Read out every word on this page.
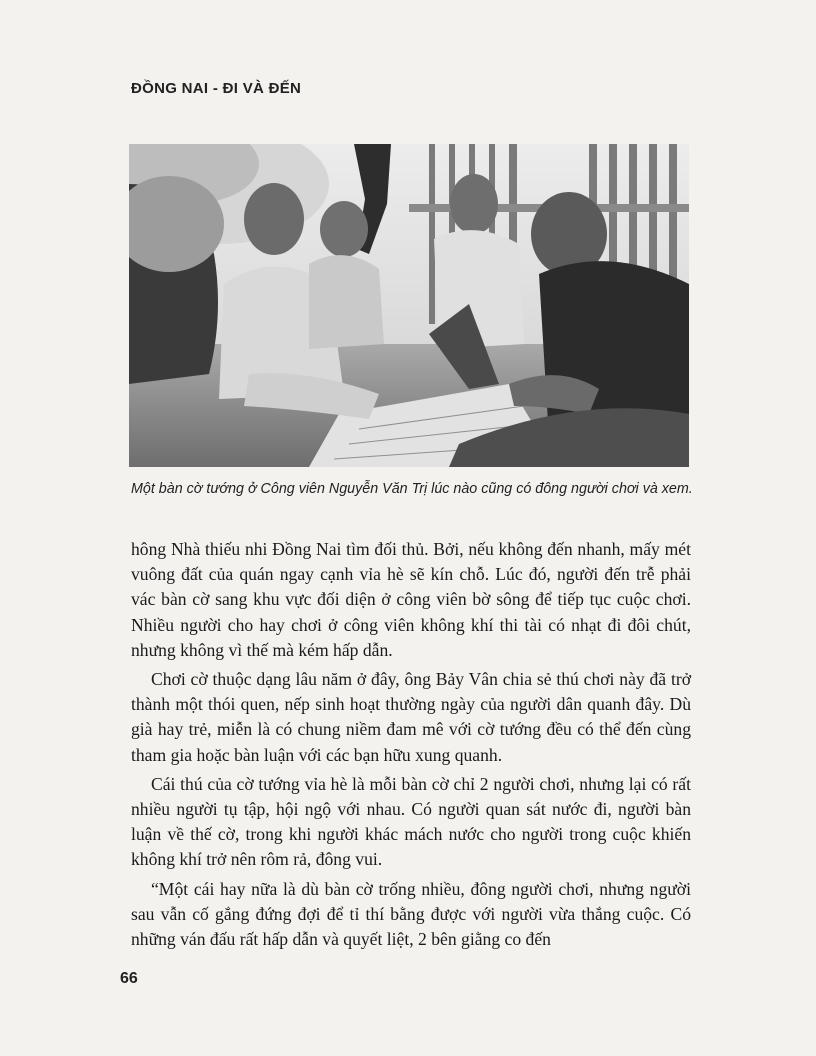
ĐỒNG NAI - ĐI VÀ ĐẾN
Một bàn cờ tướng ở Công viên Nguyễn Văn Trị lúc nào cũng có đông người chơi và xem.

hông Nhà thiếu nhi Đồng Nai tìm đối thủ. Bởi, nếu không đến nhanh, mấy mét vuông đất của quán ngay cạnh vỉa hè sẽ kín chỗ. Lúc đó, người đến trễ phải vác bàn cờ sang khu vực đối diện ở công viên bờ sông để tiếp tục cuộc chơi. Nhiều người cho hay chơi ở công viên không khí thi tài có nhạt đi đôi chút, nhưng không vì thế mà kém hấp dẫn.

Chơi cờ thuộc dạng lâu năm ở đây, ông Bảy Vân chia sẻ thú chơi này đã trở thành một thói quen, nếp sinh hoạt thường ngày của người dân quanh đây. Dù già hay trẻ, miễn là có chung niềm đam mê với cờ tướng đều có thể đến cùng tham gia hoặc bàn luận với các bạn hữu xung quanh.

Cái thú của cờ tướng vỉa hè là mỗi bàn cờ chỉ 2 người chơi, nhưng lại có rất nhiều người tụ tập, hội ngộ với nhau. Có người quan sát nước đi, người bàn luận về thế cờ, trong khi người khác mách nước cho người trong cuộc khiến không khí trở nên rôm rả, đông vui.

“Một cái hay nữa là dù bàn cờ trống nhiều, đông người chơi, nhưng người sau vẫn cố gắng đứng đợi để tỉ thí bằng được với người vừa thắng cuộc. Có những ván đấu rất hấp dẫn và quyết liệt, 2 bên giằng co đến

66
